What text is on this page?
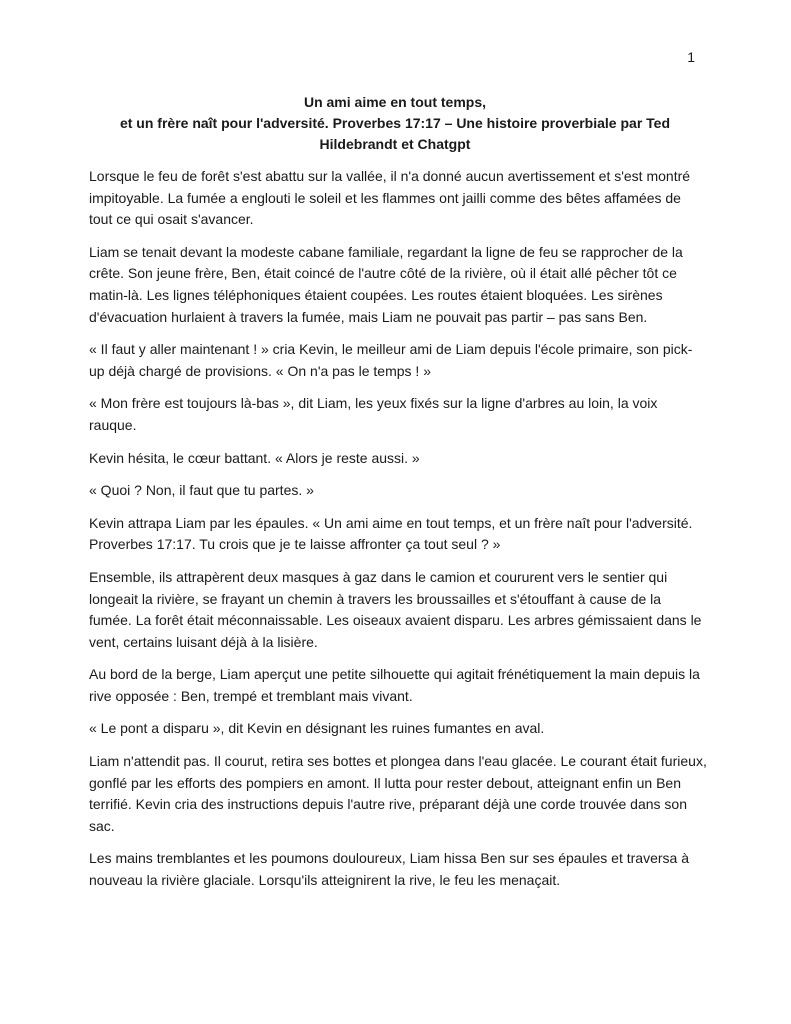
1
Un ami aime en tout temps,
et un frère naît pour l'adversité. Proverbes 17:17 – Une histoire proverbiale par Ted
Hildebrandt et Chatgpt

Lorsque le feu de forêt s'est abattu sur la vallée, il n'a donné aucun avertissement et s'est montré impitoyable. La fumée a englouti le soleil et les flammes ont jailli comme des bêtes affamées de tout ce qui osait s'avancer.

Liam se tenait devant la modeste cabane familiale, regardant la ligne de feu se rapprocher de la crête. Son jeune frère, Ben, était coincé de l'autre côté de la rivière, où il était allé pêcher tôt ce matin-là. Les lignes téléphoniques étaient coupées. Les routes étaient bloquées. Les sirènes d'évacuation hurlaient à travers la fumée, mais Liam ne pouvait pas partir – pas sans Ben.

« Il faut y aller maintenant ! » cria Kevin, le meilleur ami de Liam depuis l'école primaire, son pick-up déjà chargé de provisions. « On n'a pas le temps ! »

« Mon frère est toujours là-bas », dit Liam, les yeux fixés sur la ligne d'arbres au loin, la voix rauque.

Kevin hésita, le cœur battant. « Alors je reste aussi. »

« Quoi ? Non, il faut que tu partes. »

Kevin attrapa Liam par les épaules. « Un ami aime en tout temps, et un frère naît pour l'adversité. Proverbes 17:17. Tu crois que je te laisse affronter ça tout seul ? »

Ensemble, ils attrapèrent deux masques à gaz dans le camion et coururent vers le sentier qui longeait la rivière, se frayant un chemin à travers les broussailles et s'étouffant à cause de la fumée. La forêt était méconnaissable. Les oiseaux avaient disparu. Les arbres gémissaient dans le vent, certains luisant déjà à la lisière.

Au bord de la berge, Liam aperçut une petite silhouette qui agitait frénétiquement la main depuis la rive opposée : Ben, trempé et tremblant mais vivant.

« Le pont a disparu », dit Kevin en désignant les ruines fumantes en aval.

Liam n'attendit pas. Il courut, retira ses bottes et plongea dans l'eau glacée. Le courant était furieux, gonflé par les efforts des pompiers en amont. Il lutta pour rester debout, atteignant enfin un Ben terrifié. Kevin cria des instructions depuis l'autre rive, préparant déjà une corde trouvée dans son sac.

Les mains tremblantes et les poumons douloureux, Liam hissa Ben sur ses épaules et traversa à nouveau la rivière glaciale. Lorsqu'ils atteignirent la rive, le feu les menaçait.
